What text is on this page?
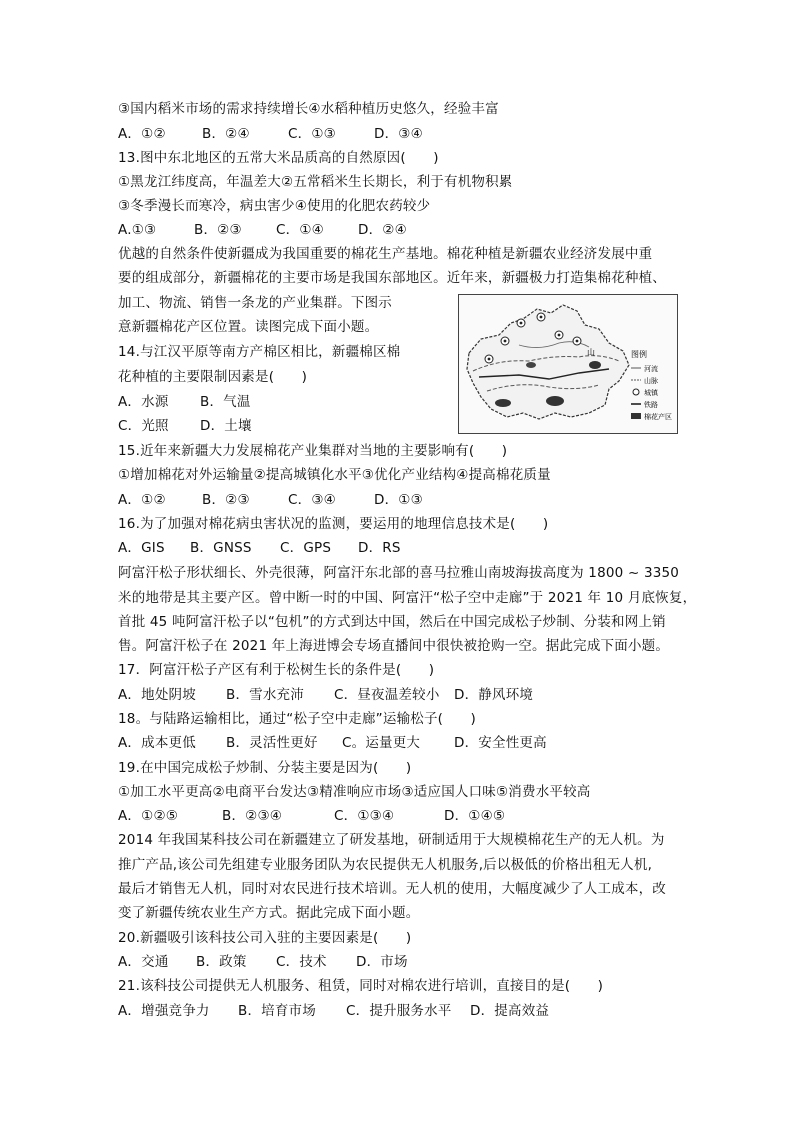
③国内稻米市场的需求持续增长④水稻种植历史悠久，经验丰富
A．①②	B．②④	C．①③	D．③④
13.图中东北地区的五常大米品质高的自然原因(　　)
①黑龙江纬度高，年温差大②五常稻米生长期长，利于有机物积累
③冬季漫长而寒冷，病虫害少④使用的化肥农药较少
A.①③	B．②③	C．①④	D．②④
优越的自然条件使新疆成为我国重要的棉花生产基地。棉花种植是新疆农业经济发展中重
要的组成部分，新疆棉花的主要市场是我国东部地区。近年来，新疆极力打造集棉花种植、
加工、物流、销售一条龙的产业集群。下图示
意新疆棉花产区位置。读图完成下面小题。
14.与江汉平原等南方产棉区相比，新疆棉区棉
花种植的主要限制因素是(　　)
A．水源 B．气温
C．光照 D．土壤
山	图例
河流
山脉
城镇
铁路
棉花产区
15.近年来新疆大力发展棉花产业集群对当地的主要影响有(　　)
①增加棉花对外运输量②提高城镇化水平③优化产业结构④提高棉花质量
A．①②	B．②③	C．③④	D．①③
16.为了加强对棉花病虫害状况的监测，要运用的地理信息技术是(　　)
A．GIS B．GNSS C．GPS D．RS
阿富汗松子形状细长、外壳很薄，阿富汗东北部的喜马拉雅山南坡海拔高度为 1800 ~ 3350
米的地带是其主要产区。曾中断一时的中国、阿富汗“松子空中走廊”于 2021 年 10 月底恢复，
首批 45 吨阿富汗松子以“包机”的方式到达中国，然后在中国完成松子炒制、分装和网上销
售。阿富汗松子在 2021 年上海进博会专场直播间中很快被抢购一空。据此完成下面小题。
17．阿富汗松子产区有利于松树生长的条件是(　　)
A．地处阴坡 B．雪水充沛 C．昼夜温差较小 D．静风环境
18。与陆路运输相比，通过“松子空中走廊”运输松子(　　)
A．成本更低 B．灵活性更好 C。运量更大	D．安全性更高
19.在中国完成松子炒制、分装主要是因为(　　)
①加工水平更高②电商平台发达③精准响应市场③适应国人口味⑤消费水平较高
A．①②⑤	B．②③④	C．①③④	D．①④⑤
2014 年我国某科技公司在新疆建立了研发基地，研制适用于大规模棉花生产的无人机。为
推广产品,该公司先组建专业服务团队为农民提供无人机服务,后以极低的价格出租无人机,
最后才销售无人机，同时对农民进行技术培训。无人机的使用，大幅度减少了人工成本，改
变了新疆传统农业生产方式。据此完成下面小题。
20.新疆吸引该科技公司入驻的主要因素是(　　)
A．交通 B．政策 C．技术 D．市场
21.该科技公司提供无人机服务、租赁，同时对棉农进行培训，直接目的是(　　)
A．增强竞争力 B．培育市场 C．提升服务水平 D．提高效益
